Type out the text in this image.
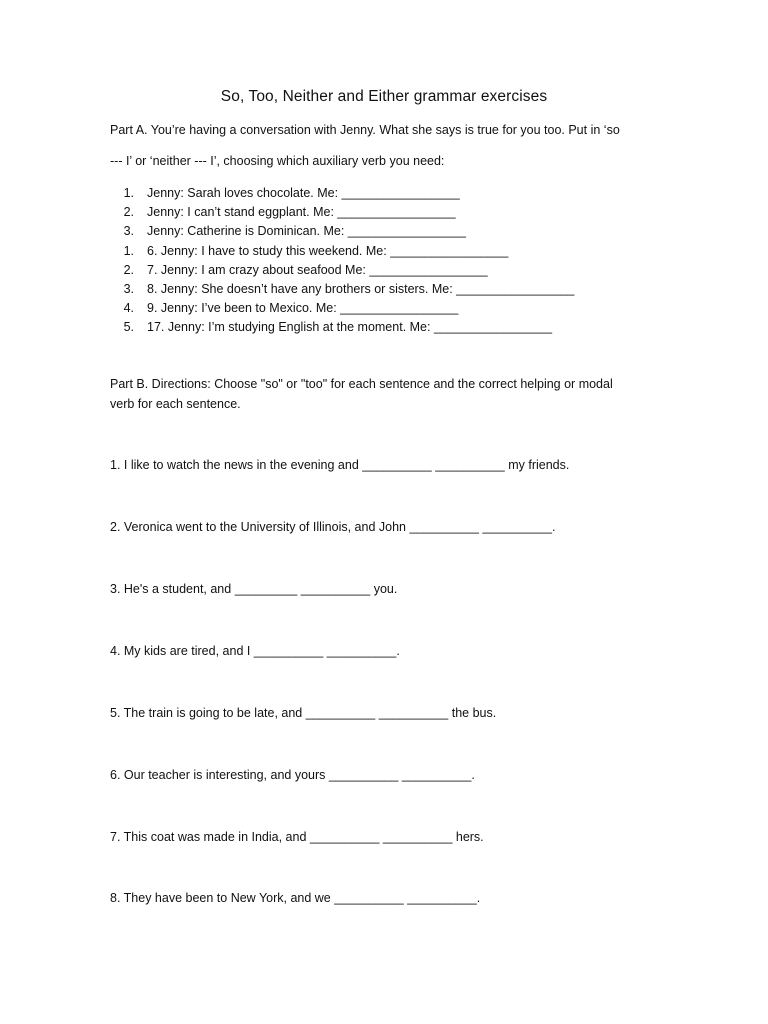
So, Too, Neither and Either grammar exercises
Part A. You’re having a conversation with Jenny. What she says is true for you too. Put in ‘so
--- I’ or ‘neither --- I’, choosing which auxiliary verb you need:
1. Jenny: Sarah loves chocolate. Me: _________________
2. Jenny: I can’t stand eggplant. Me: _________________
3. Jenny: Catherine is Dominican. Me: _________________
1. 6. Jenny: I have to study this weekend. Me: _________________
2. 7. Jenny: I am crazy about seafood Me: _________________
3. 8. Jenny: She doesn’t have any brothers or sisters. Me: _________________
4. 9. Jenny: I’ve been to Mexico. Me: _________________
5. 17. Jenny: I’m studying English at the moment. Me: _________________
Part B. Directions: Choose "so" or "too" for each sentence and the correct helping or modal
verb for each sentence.
1. I like to watch the news in the evening and __________ __________ my friends.
2. Veronica went to the University of Illinois, and John __________ __________.
3. He's a student, and _________ __________ you.
4. My kids are tired, and I __________ __________.
5. The train is going to be late, and __________ __________ the bus.
6. Our teacher is interesting, and yours __________ __________.
7. This coat was made in India, and __________ __________ hers.
8. They have been to New York, and we __________ __________.
